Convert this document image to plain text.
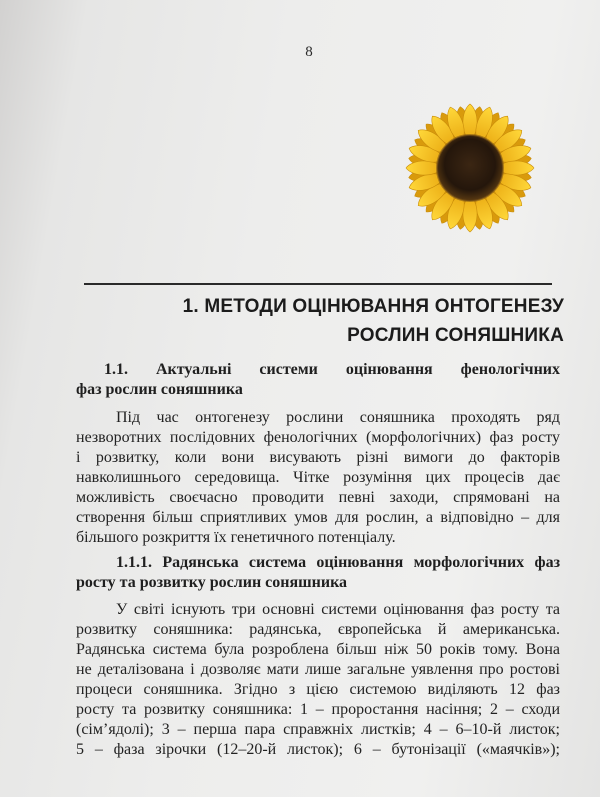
8
1. МЕТОДИ ОЦІНЮВАННЯ ОНТОГЕНЕЗУ
РОСЛИН СОНЯШНИКА
1.1. Актуальні системи оцінювання фенологічних
фаз рослин соняшника
Під час онтогенезу рослини соняшника проходять ряд
незворотних послідовних фенологічних (морфологічних) фаз росту
і розвитку, коли вони висувають різні вимоги до факторів
навколишнього середовища. Чітке розуміння цих процесів дає
можливість своєчасно проводити певні заходи, спрямовані на
створення більш сприятливих умов для рослин, а відповідно – для
більшого розкриття їх генетичного потенціалу.
1.1.1. Радянська система оцінювання морфологічних фаз
росту та розвитку рослин соняшника
У світі існують три основні системи оцінювання фаз росту та
розвитку соняшника: радянська, європейська й американська.
Радянська система була розроблена більш ніж 50 років тому. Вона
не деталізована і дозволяє мати лише загальне уявлення про ростові
процеси соняшника. Згідно з цією системою виділяють 12 фаз
росту та розвитку соняшника: 1 – проростання насіння; 2 – сходи
(сім’ядолі); 3 – перша пара справжніх листків; 4 – 6–10-й листок;
5 – фаза зірочки (12–20-й листок); 6 – бутонізації («маячків»);
